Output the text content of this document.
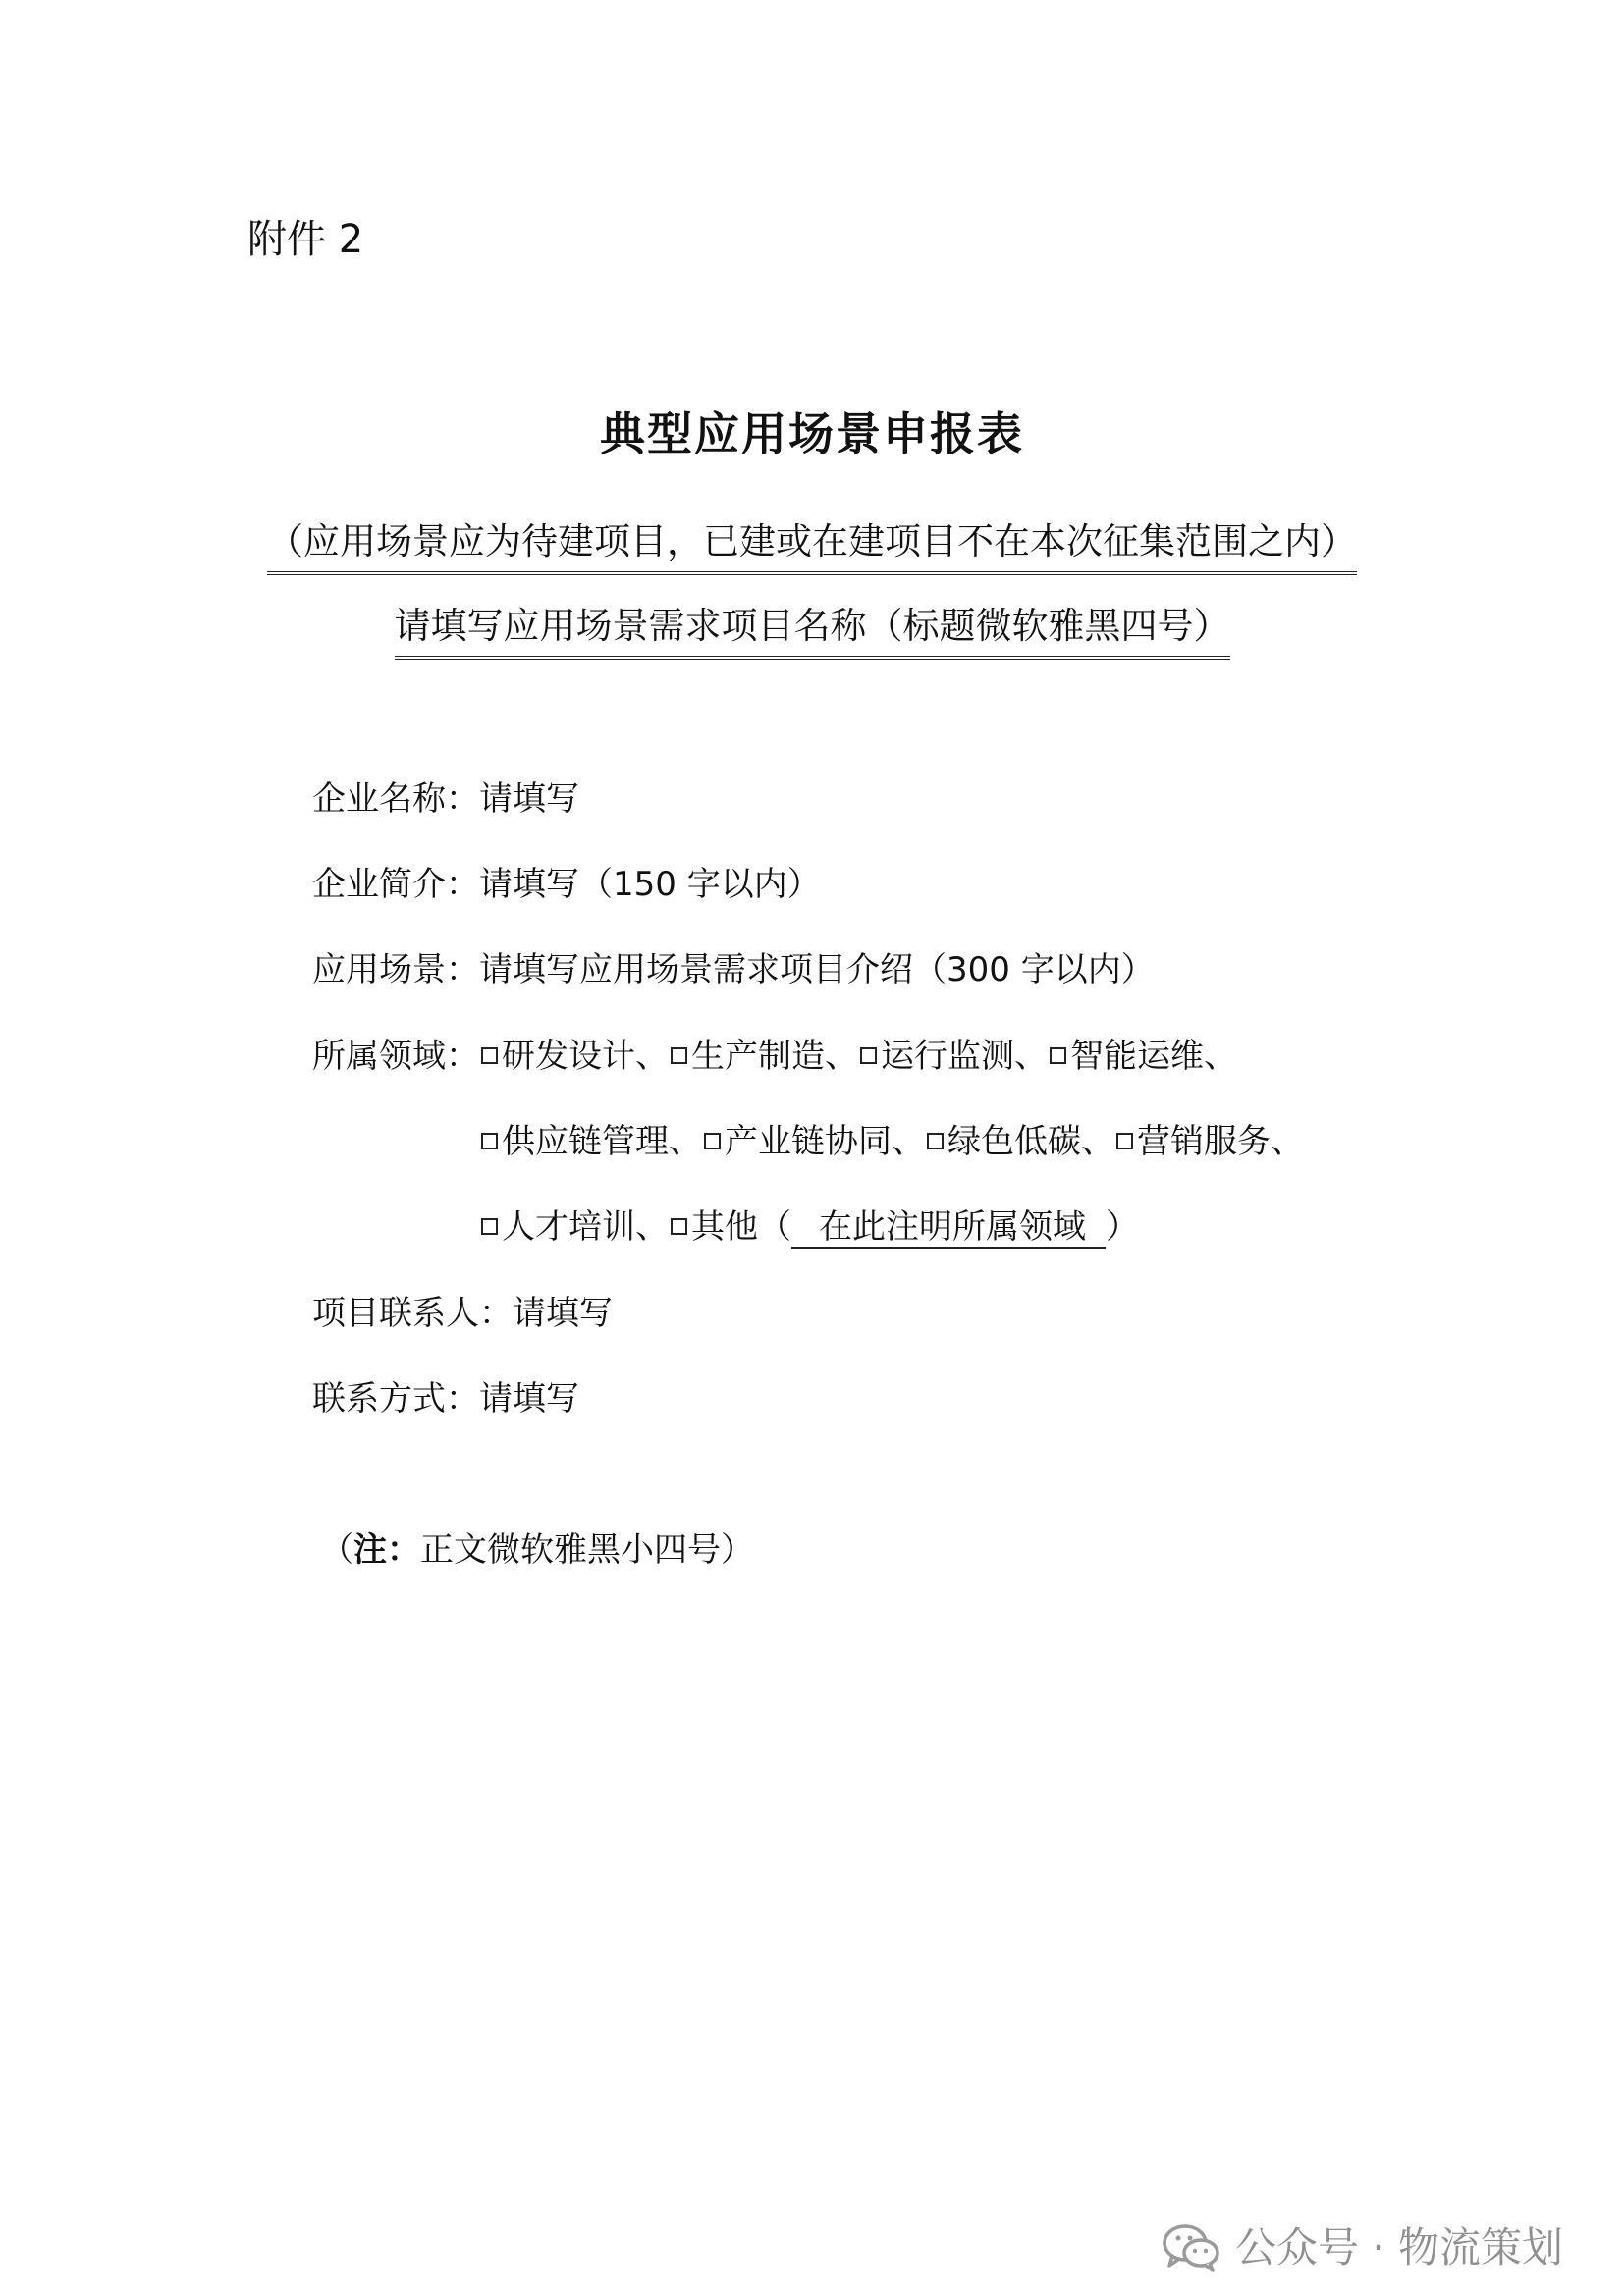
附件 2
典型应用场景申报表
（应用场景应为待建项目，已建或在建项目不在本次征集范围之内）
请填写应用场景需求项目名称（标题微软雅黑四号）
企业名称：请填写
企业简介：请填写（150 字以内）
应用场景：请填写应用场景需求项目介绍（300 字以内）
所属领域： 研发设计、 生产制造、 运行监测、 智能运维、
供应链管理、 产业链协同、 绿色低碳、 营销服务、
人才培训、 其他（ 在此注明所属领域 ）
项目联系人：请填写
联系方式：请填写
（注：正文微软雅黑小四号）
公众号 · 物流策划
